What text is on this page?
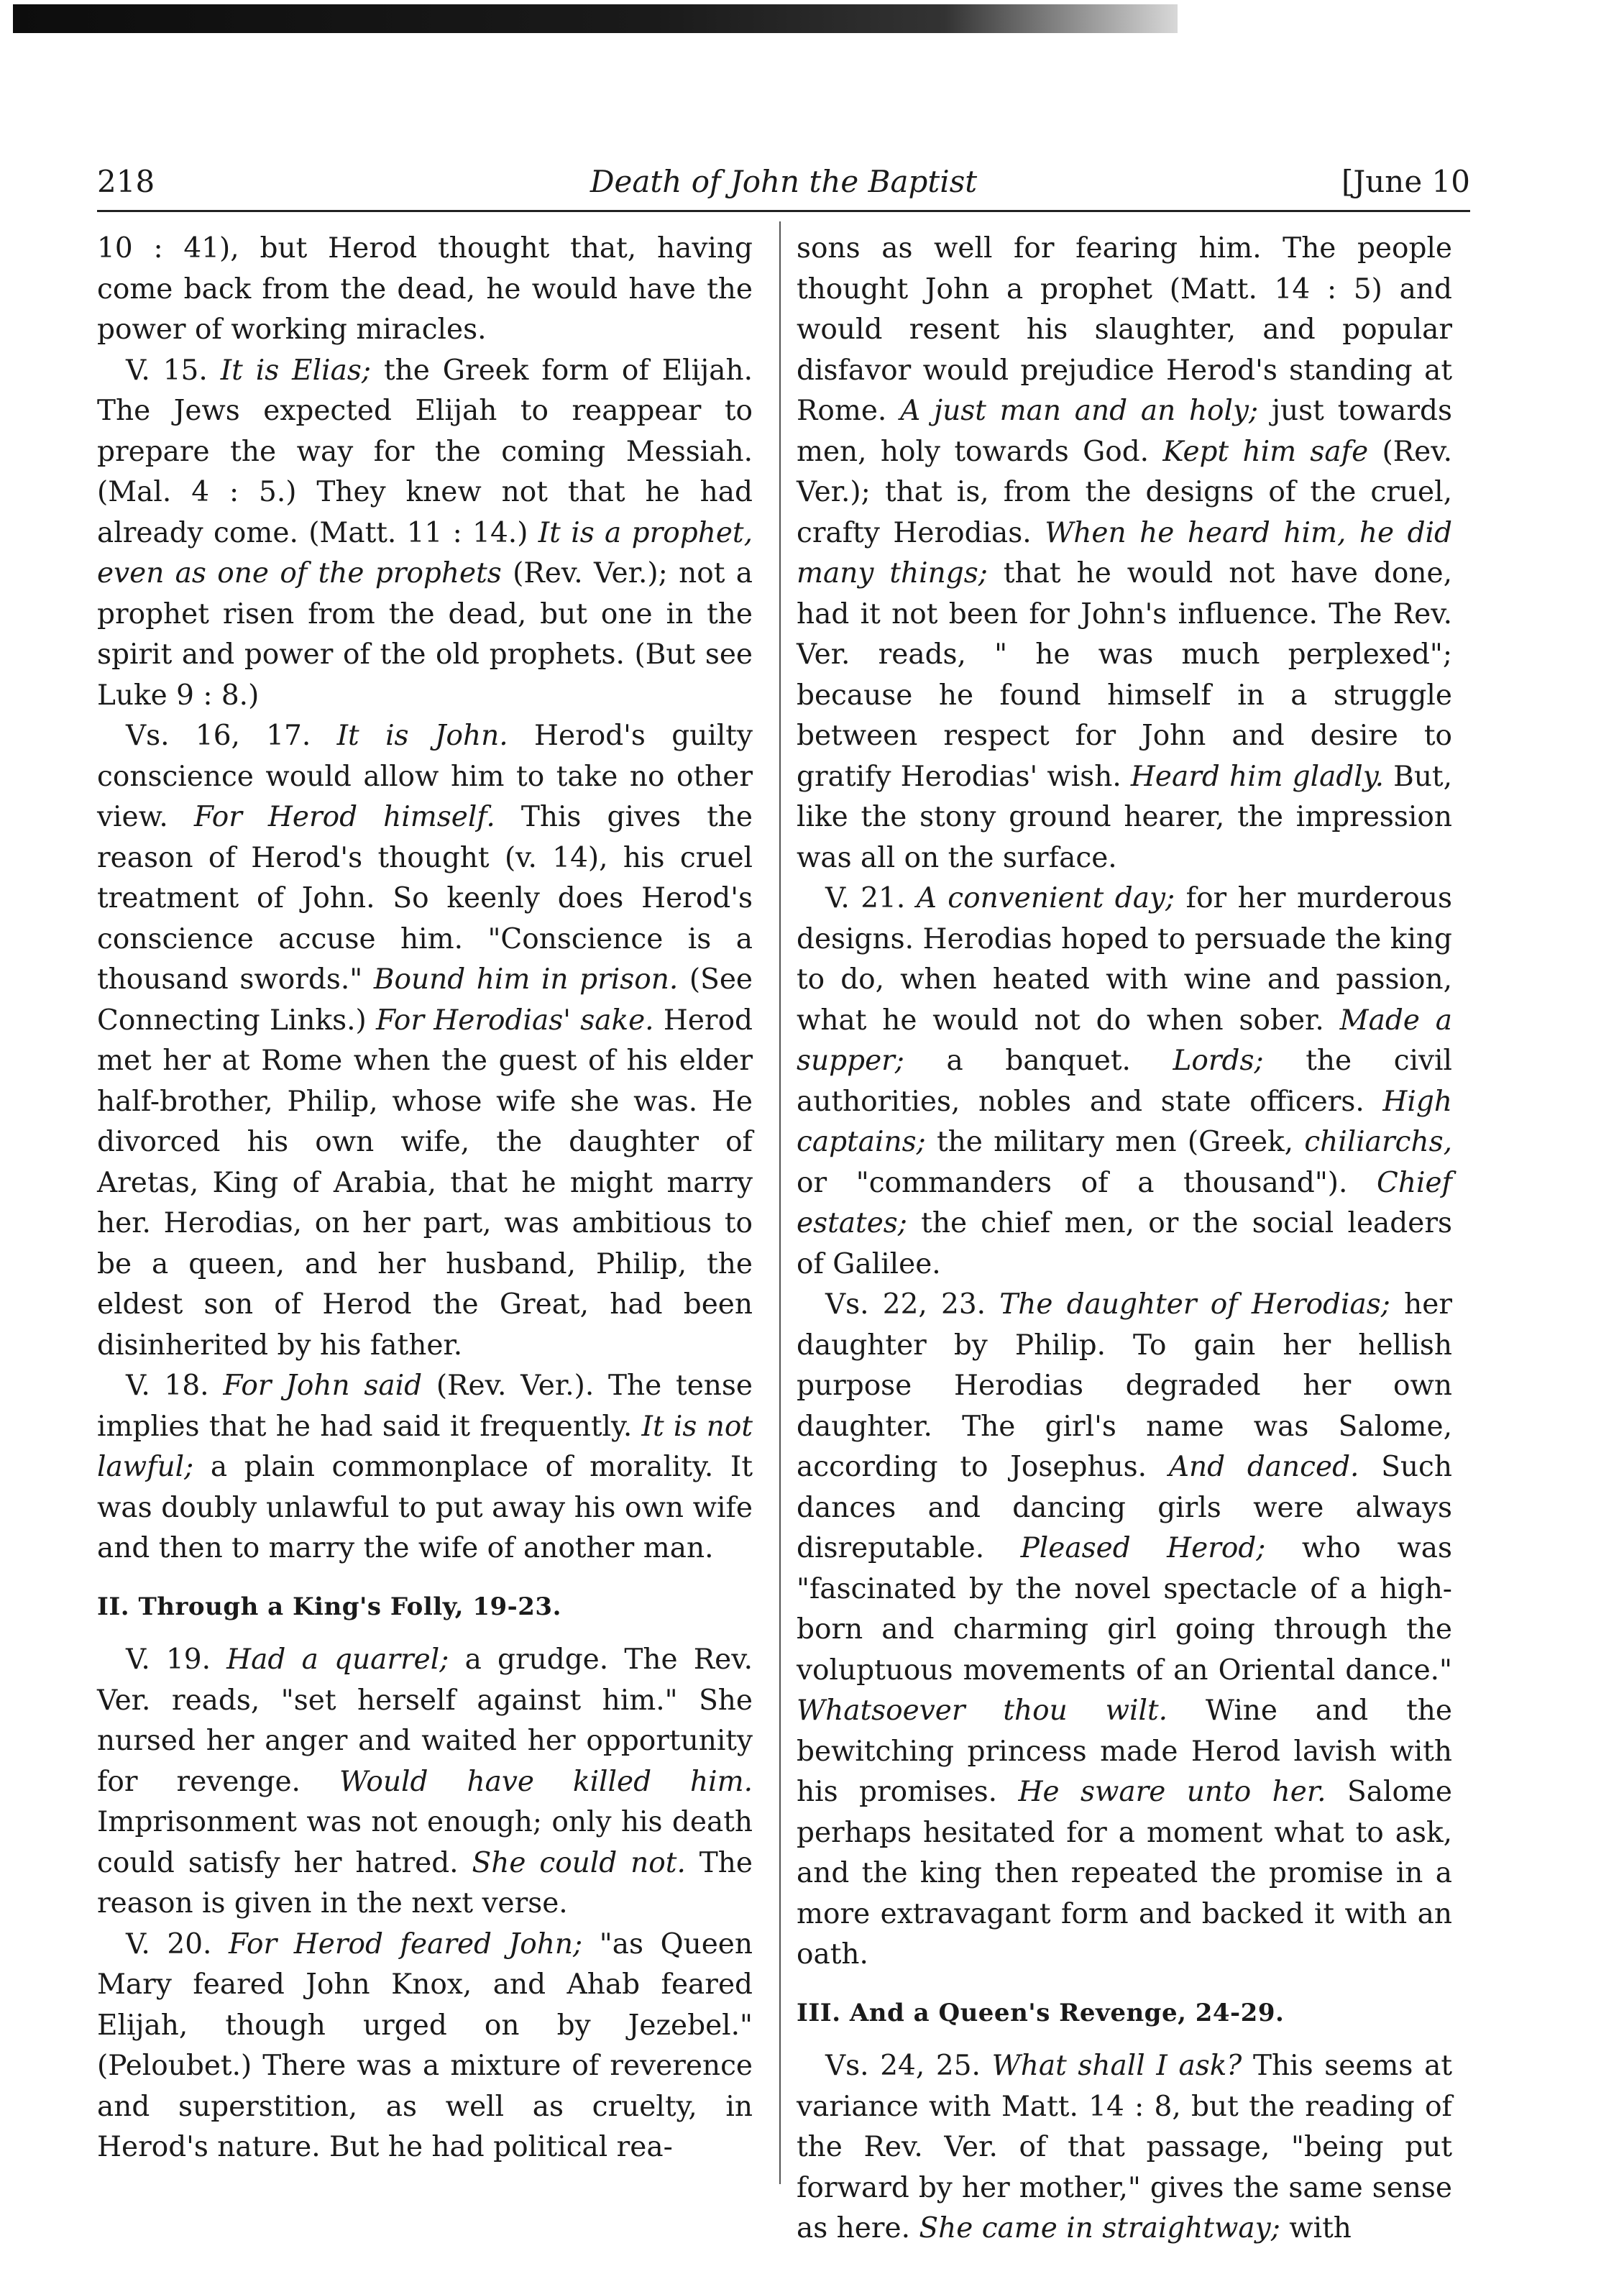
218	Death of John the Baptist	[June 10

10 : 41), but Herod thought that, having come back from the dead, he would have the power of working miracles.

V. 15. It is Elias; the Greek form of Elijah. The Jews expected Elijah to reappear to prepare the way for the coming Messiah. (Mal. 4 : 5.) They knew not that he had already come. (Matt. 11 : 14.) It is a prophet, even as one of the prophets (Rev. Ver.); not a prophet risen from the dead, but one in the spirit and power of the old prophets. (But see Luke 9 : 8.)

Vs. 16, 17. It is John. Herod's guilty conscience would allow him to take no other view. For Herod himself. This gives the reason of Herod's thought (v. 14), his cruel treatment of John. So keenly does Herod's conscience accuse him. "Conscience is a thousand swords." Bound him in prison. (See Connecting Links.) For Herodias' sake. Herod met her at Rome when the guest of his elder half-brother, Philip, whose wife she was. He divorced his own wife, the daughter of Aretas, King of Arabia, that he might marry her. Herodias, on her part, was ambitious to be a queen, and her husband, Philip, the eldest son of Herod the Great, had been disinherited by his father.

V. 18. For John said (Rev. Ver.). The tense implies that he had said it frequently. It is not lawful; a plain commonplace of morality. It was doubly unlawful to put away his own wife and then to marry the wife of another man.

II. Through a King's Folly, 19-23.

V. 19. Had a quarrel; a grudge. The Rev. Ver. reads, "set herself against him." She nursed her anger and waited her opportunity for revenge. Would have killed him. Imprisonment was not enough; only his death could satisfy her hatred. She could not. The reason is given in the next verse.

V. 20. For Herod feared John; "as Queen Mary feared John Knox, and Ahab feared Elijah, though urged on by Jezebel." (Peloubet.) There was a mixture of reverence and superstition, as well as cruelty, in Herod's nature. But he had political rea-

sons as well for fearing him. The people thought John a prophet (Matt. 14 : 5) and would resent his slaughter, and popular disfavor would prejudice Herod's standing at Rome. A just man and an holy; just towards men, holy towards God. Kept him safe (Rev. Ver.); that is, from the designs of the cruel, crafty Herodias. When he heard him, he did many things; that he would not have done, had it not been for John's influence. The Rev. Ver. reads, " he was much perplexed"; because he found himself in a struggle between respect for John and desire to gratify Herodias' wish. Heard him gladly. But, like the stony ground hearer, the impression was all on the surface.

V. 21. A convenient day; for her murderous designs. Herodias hoped to persuade the king to do, when heated with wine and passion, what he would not do when sober. Made a supper; a banquet. Lords; the civil authorities, nobles and state officers. High captains; the military men (Greek, chiliarchs, or "commanders of a thousand"). Chief estates; the chief men, or the social leaders of Galilee.

Vs. 22, 23. The daughter of Herodias; her daughter by Philip. To gain her hellish purpose Herodias degraded her own daughter. The girl's name was Salome, according to Josephus. And danced. Such dances and dancing girls were always disreputable. Pleased Herod; who was "fascinated by the novel spectacle of a high-born and charming girl going through the voluptuous movements of an Oriental dance." Whatsoever thou wilt. Wine and the bewitching princess made Herod lavish with his promises. He sware unto her. Salome perhaps hesitated for a moment what to ask, and the king then repeated the promise in a more extravagant form and backed it with an oath.

III. And a Queen's Revenge, 24-29.

Vs. 24, 25. What shall I ask? This seems at variance with Matt. 14 : 8, but the reading of the Rev. Ver. of that passage, "being put forward by her mother," gives the same sense as here. She came in straightway; with
